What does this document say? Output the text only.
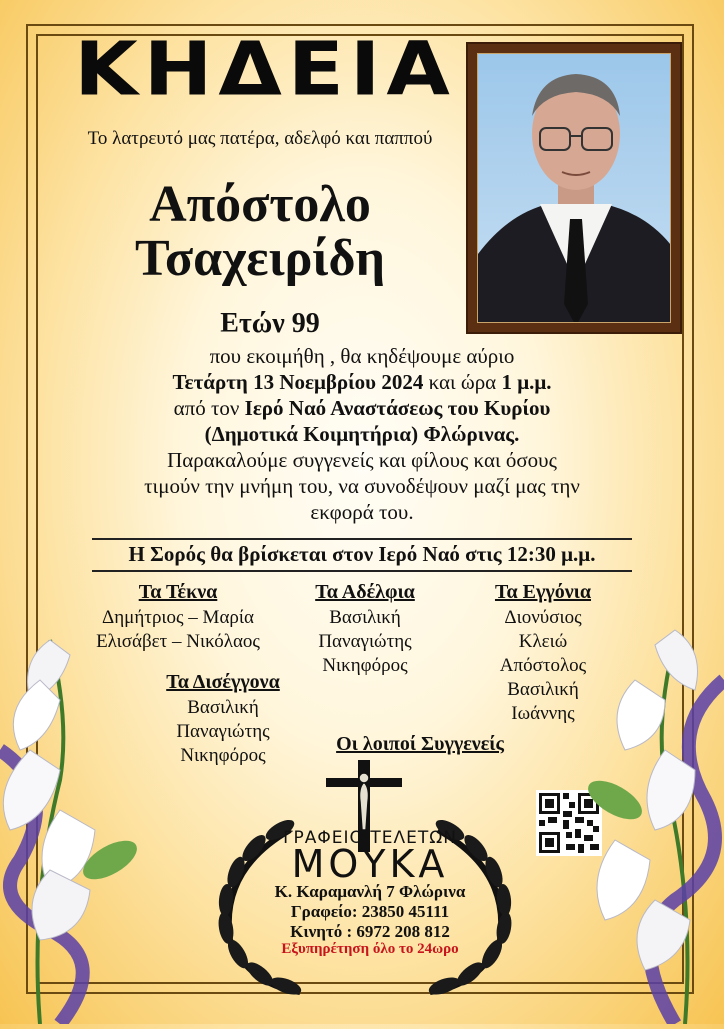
ΚΗΔΕΙΑ
Το λατρευτό μας πατέρα, αδελφό και παππού
Απόστολο
Τσαχειρίδη
Ετών 99
που εκοιμήθη , θα κηδέψουμε αύριο
Τετάρτη 13 Νοεμβρίου 2024 και ώρα 1 μ.μ.
από τον Ιερό Ναό Αναστάσεως του Κυρίου
(Δημοτικά Κοιμητήρια) Φλώρινας.
Παρακαλούμε συγγενείς και φίλους και όσους
τιμούν την μνήμη του, να συνοδέψουν μαζί μας την
εκφορά του.
Η Σορός θα βρίσκεται στον Ιερό Ναό στις 12:30 μ.μ.
Τα Τέκνα
Δημήτριος – Μαρία
Ελισάβετ – Νικόλαος
Τα Αδέλφια
Βασιλική
Παναγιώτης
Νικηφόρος
Τα Εγγόνια
Διονύσιος
Κλειώ
Απόστολος
Βασιλική
Ιωάννης
Τα Δισέγγονα
Βασιλική
Παναγιώτης
Νικηφόρος
Οι λοιποί Συγγενείς
ΓΡΑΦΕΙΟ ΤΕΛΕΤΩΝ
ΜΟΥΚΑ
Κ. Καραμανλή 7 Φλώρινα
Γραφείο: 23850 45111
Κινητό : 6972 208 812
Εξυπηρέτηση όλο το 24ωρο
